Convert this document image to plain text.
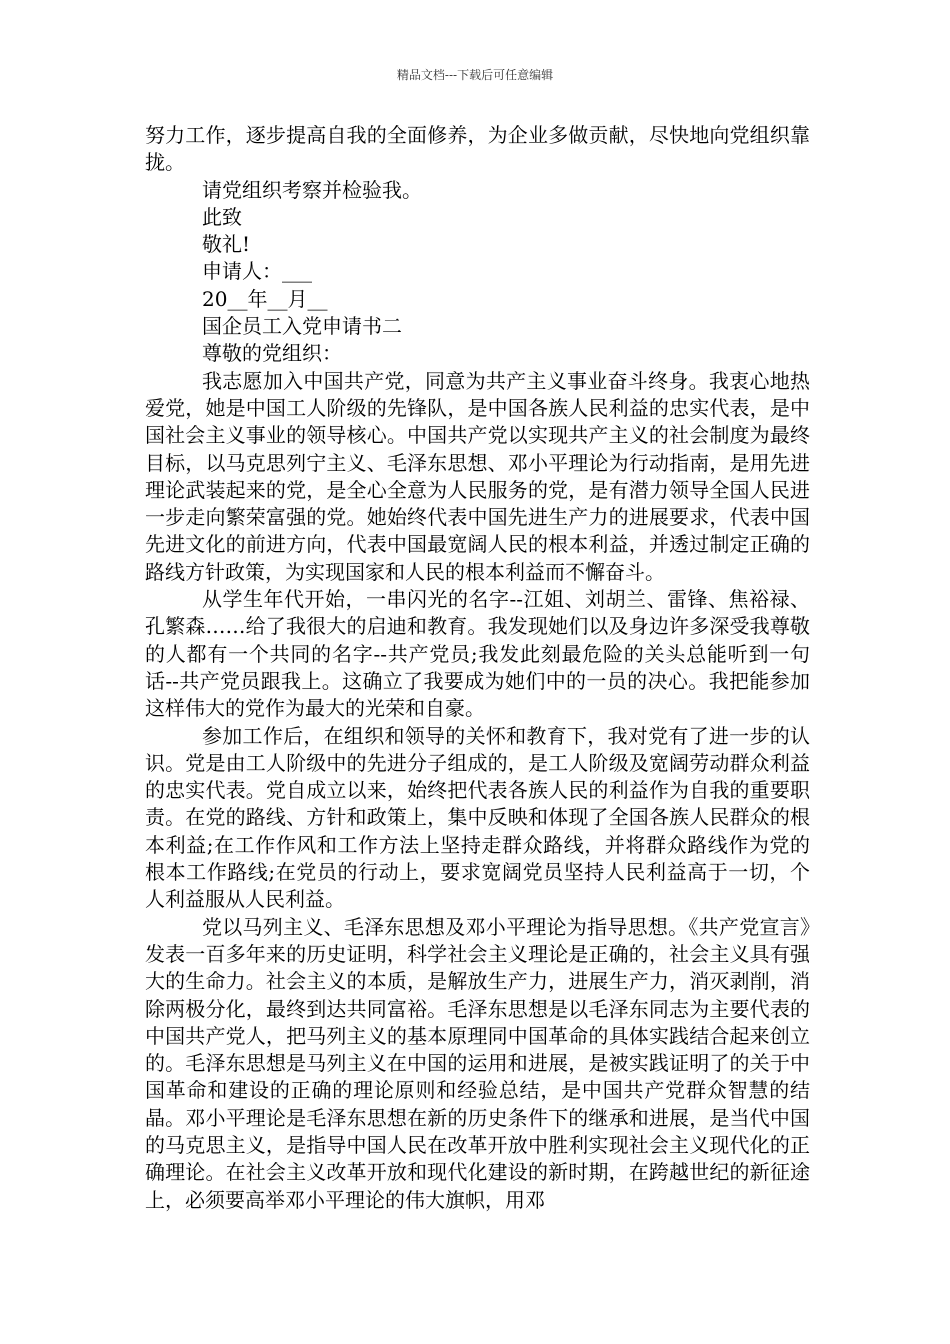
精品文档---下载后可任意编辑

努力工作，逐步提高自我的全面修养，为企业多做贡献，尽快地向党组织靠拢。

请党组织考察并检验我。

此致

敬礼!

申请人：___

20__年__月__

国企员工入党申请书二

尊敬的党组织：

我志愿加入中国共产党，同意为共产主义事业奋斗终身。我衷心地热爱党，她是中国工人阶级的先锋队，是中国各族人民利益的忠实代表，是中国社会主义事业的领导核心。中国共产党以实现共产主义的社会制度为最终目标，以马克思列宁主义、毛泽东思想、邓小平理论为行动指南，是用先进理论武装起来的党，是全心全意为人民服务的党，是有潜力领导全国人民进一步走向繁荣富强的党。她始终代表中国先进生产力的进展要求，代表中国先进文化的前进方向，代表中国最宽阔人民的根本利益，并透过制定正确的路线方针政策，为实现国家和人民的根本利益而不懈奋斗。

从学生年代开始，一串闪光的名字--江姐、刘胡兰、雷锋、焦裕禄、孔繁森……给了我很大的启迪和教育。我发现她们以及身边许多深受我尊敬的人都有一个共同的名字--共产党员;我发此刻最危险的关头总能听到一句话--共产党员跟我上。这确立了我要成为她们中的一员的决心。我把能参加这样伟大的党作为最大的光荣和自豪。

参加工作后，在组织和领导的关怀和教育下，我对党有了进一步的认识。党是由工人阶级中的先进分子组成的，是工人阶级及宽阔劳动群众利益的忠实代表。党自成立以来，始终把代表各族人民的利益作为自我的重要职责。在党的路线、方针和政策上，集中反映和体现了全国各族人民群众的根本利益;在工作作风和工作方法上坚持走群众路线，并将群众路线作为党的根本工作路线;在党员的行动上，要求宽阔党员坚持人民利益高于一切，个人利益服从人民利益。

党以马列主义、毛泽东思想及邓小平理论为指导思想。《共产党宣言》发表一百多年来的历史证明，科学社会主义理论是正确的，社会主义具有强大的生命力。社会主义的本质，是解放生产力，进展生产力，消灭剥削，消除两极分化，最终到达共同富裕。毛泽东思想是以毛泽东同志为主要代表的中国共产党人，把马列主义的基本原理同中国革命的具体实践结合起来创立的。毛泽东思想是马列主义在中国的运用和进展，是被实践证明了的关于中国革命和建设的正确的理论原则和经验总结，是中国共产党群众智慧的结晶。邓小平理论是毛泽东思想在新的历史条件下的继承和进展，是当代中国的马克思主义，是指导中国人民在改革开放中胜利实现社会主义现代化的正确理论。在社会主义改革开放和现代化建设的新时期，在跨越世纪的新征途上，必须要高举邓小平理论的伟大旗帜，用邓
